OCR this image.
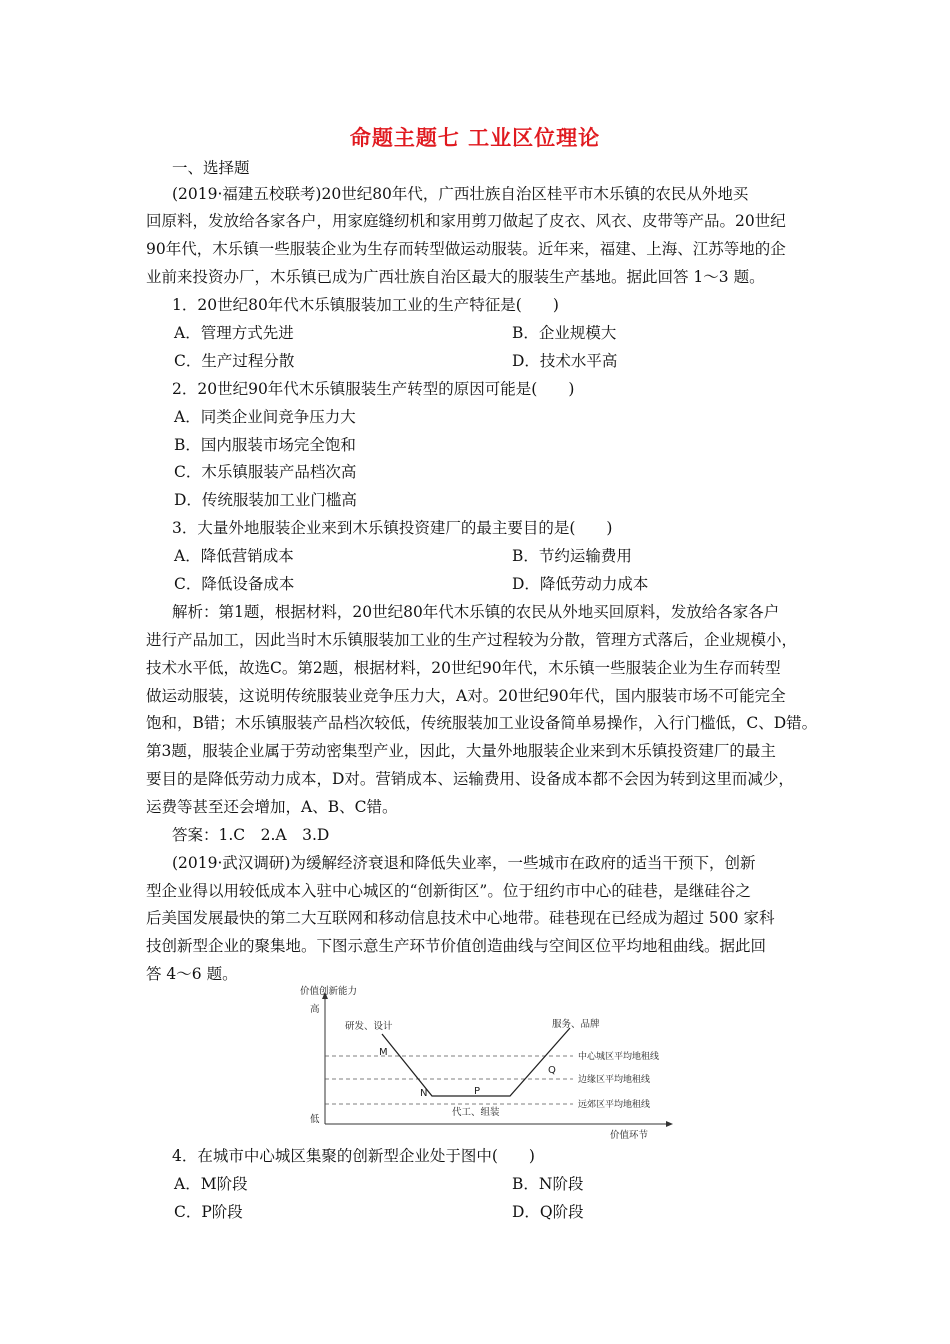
命题主题七 工业区位理论
一、选择题
(2019·福建五校联考)20世纪80年代，广西壮族自治区桂平市木乐镇的农民从外地买
回原料，发放给各家各户，用家庭缝纫机和家用剪刀做起了皮衣、风衣、皮带等产品。20世纪
90年代，木乐镇一些服装企业为生存而转型做运动服装。近年来，福建、上海、江苏等地的企
业前来投资办厂，木乐镇已成为广西壮族自治区最大的服装生产基地。据此回答 1～3 题。
1．20世纪80年代木乐镇服装加工业的生产特征是(　　)
A．管理方式先进	B．企业规模大
C．生产过程分散	D．技术水平高
2．20世纪90年代木乐镇服装生产转型的原因可能是(　　)
A．同类企业间竞争压力大
B．国内服装市场完全饱和
C．木乐镇服装产品档次高
D．传统服装加工业门槛高
3．大量外地服装企业来到木乐镇投资建厂的最主要目的是(　　)
A．降低营销成本	B．节约运输费用
C．降低设备成本	D．降低劳动力成本
解析：第1题，根据材料，20世纪80年代木乐镇的农民从外地买回原料，发放给各家各户
进行产品加工，因此当时木乐镇服装加工业的生产过程较为分散，管理方式落后，企业规模小，
技术水平低，故选C。第2题，根据材料，20世纪90年代，木乐镇一些服装企业为生存而转型
做运动服装，这说明传统服装业竞争压力大，A对。20世纪90年代，国内服装市场不可能完全
饱和，B错；木乐镇服装产品档次较低，传统服装加工业设备简单易操作，入行门槛低，C、D错。
第3题，服装企业属于劳动密集型产业，因此，大量外地服装企业来到木乐镇投资建厂的最主
要目的是降低劳动力成本，D对。营销成本、运输费用、设备成本都不会因为转到这里而减少，
运费等甚至还会增加，A、B、C错。
答案：1.C　2.A　3.D
(2019·武汉调研)为缓解经济衰退和降低失业率，一些城市在政府的适当干预下，创新
型企业得以用较低成本入驻中心城区的“创新街区”。位于纽约市中心的硅巷，是继硅谷之
后美国发展最快的第二大互联网和移动信息技术中心地带。硅巷现在已经成为超过 500 家科
技创新型企业的聚集地。下图示意生产环节价值创造曲线与空间区位平均地租曲线。据此回
答 4～6 题。
价值创新能力
高
低
价值环节
研发、设计	服务、品牌
代工、组装
M
N	P
Q
中心城区平均地租线
边缘区平均地租线
远郊区平均地租线
4．在城市中心城区集聚的创新型企业处于图中(　　)
A．M阶段	B．N阶段
C．P阶段	D．Q阶段
